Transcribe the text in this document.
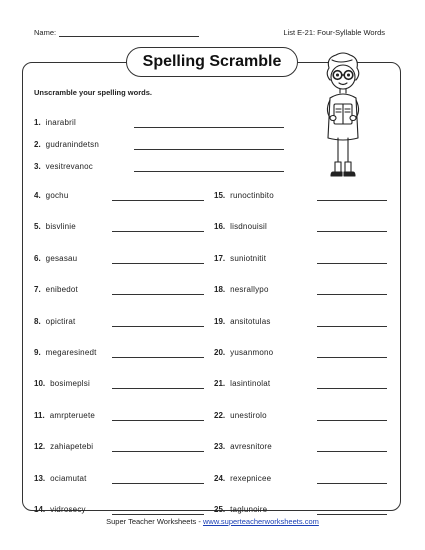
Name:	List E-21: Four-Syllable Words
Spelling Scramble
Unscramble your spelling words.
1. inarabril
2. gudranindetsn
3. vesitrevanoc
4. gochu
5. bisvlinie
6. gesasau
7. enibedot
8. opictirat
9. megaresinedt
10. bosimeplsi
11. amrpteruete
12. zahiapetebi
13. ociamutat
14. vidrosecy
15. runoctinbito
16. lisdnouisil
17. suniotnitit
18. nesrallypo
19. ansitotulas
20. yusanmono
21. lasintinolat
22. unestirolo
23. avresnitore
24. rexepnicee
25. taglunoire
Super Teacher Worksheets - www.superteacherworksheets.com
